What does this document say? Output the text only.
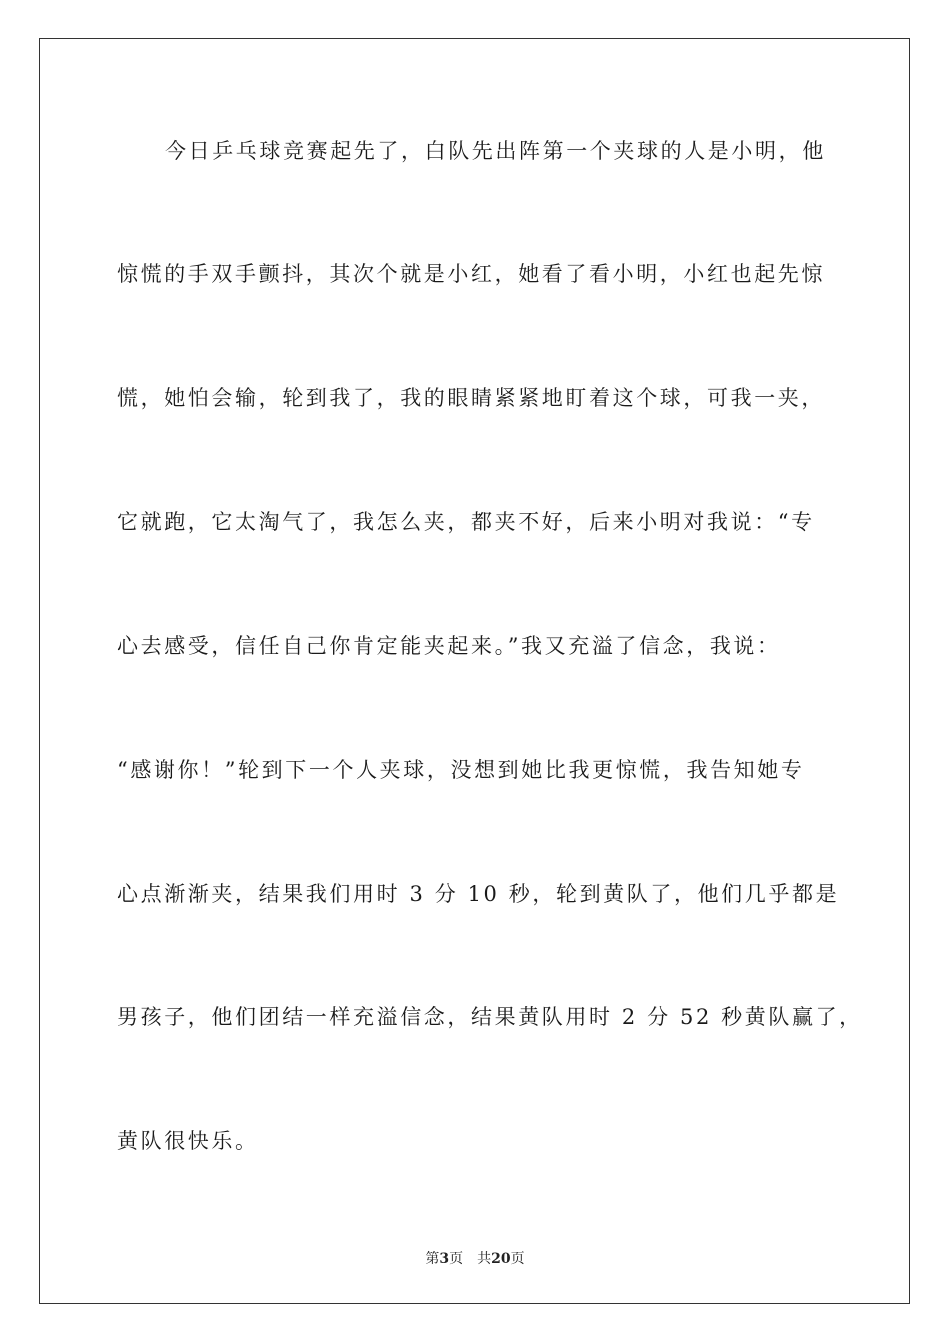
今日乒乓球竞赛起先了，白队先出阵第一个夹球的人是小明，他
惊慌的手双手颤抖，其次个就是小红，她看了看小明，小红也起先惊
慌，她怕会输，轮到我了，我的眼睛紧紧地盯着这个球，可我一夹，
它就跑，它太淘气了，我怎么夹，都夹不好，后来小明对我说：“专
心去感受，信任自己你肯定能夹起来。”我又充溢了信念，我说：
“感谢你！”轮到下一个人夹球，没想到她比我更惊慌，我告知她专
心点渐渐夹，结果我们用时 3 分 10 秒，轮到黄队了，他们几乎都是
男孩子，他们团结一样充溢信念，结果黄队用时 2 分 52 秒黄队赢了，
黄队很快乐。
第3页 共20页
